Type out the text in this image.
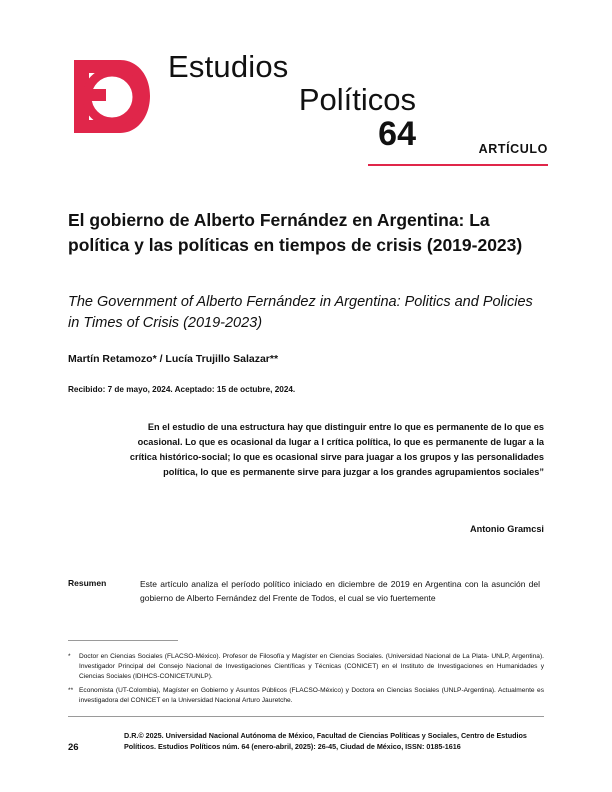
Estudios
Políticos
64	ARTÍCULO
El gobierno de Alberto Fernández en Argentina: La política y las políticas en tiempos de crisis (2019-2023)
The Government of Alberto Fernández in Argentina: Politics and Policies in Times of Crisis (2019-2023)
Martín Retamozo* / Lucía Trujillo Salazar**
Recibido: 7 de mayo, 2024. Aceptado: 15 de octubre, 2024.
En el estudio de una estructura hay que distinguir entre lo que es permanente de lo que es ocasional. Lo que es ocasional da lugar a l crítica política, lo que es permanente de lugar a la crítica histórico-social; lo que es ocasional sirve para juagar a los grupos y las personalidades política, lo que es permanente sirve para juzgar a los grandes agrupamientos sociales”
Antonio Gramcsi
Resumen	Este artículo analiza el período político iniciado en diciembre de 2019 en Argentina con la asunción del gobierno de Alberto Fernández del Frente de Todos, el cual se vio fuertemente
* Doctor en Ciencias Sociales (FLACSO-México). Profesor de Filosofía y Magíster en Ciencias Sociales. (Universidad Nacional de La Plata- UNLP, Argentina). Investigador Principal del Consejo Nacional de Investigaciones Científicas y Técnicas (CONICET) en el Instituto de Investigaciones en Humanidades y Ciencias Sociales (IDIHCS-CONICET/UNLP).
** Economista (UT-Colombia), Magíster en Gobierno y Asuntos Públicos (FLACSO-México) y Doctora en Ciencias Sociales (UNLP-Argentina). Actualmente es investigadora del CONICET en la Universidad Nacional Arturo Jauretche.
26
D.R.© 2025. Universidad Nacional Autónoma de México, Facultad de Ciencias Políticas y Sociales, Centro de Estudios Políticos. Estudios Políticos núm. 64 (enero-abril, 2025): 26-45, Ciudad de México, ISSN: 0185-1616
